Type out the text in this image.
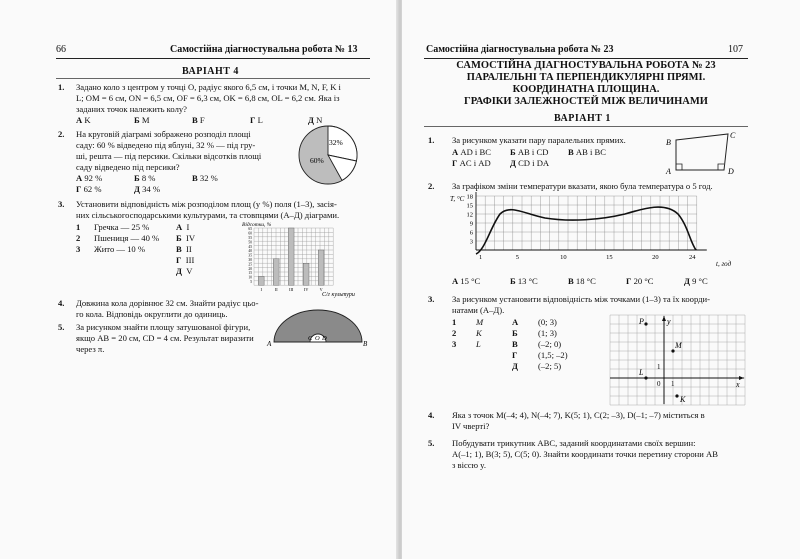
66	Самостійна діагностувальна робота № 13
ВАРІАНТ 4
1. Задано коло з центром у точці O, радіус якого 6,5 см, і точки M, N, F, K і
L; OM = 6 см, ON = 6,5 см, OF = 6,3 см, OK = 6,8 см, OL = 6,2 см. Яка із
заданих точок належить колу?
А K	Б M	В F	Г L	Д N
2. На круговій діаграмі зображено розподіл площі
саду: 60 % відведено під яблуні, 32 % — під гру-
ші, решта — під персики. Скільки відсотків площі
саду відведено під персики?
А 92 %	Б 8 %	В 32 %
Г 62 %	Д 34 %
32%
60%
3. Установити відповідність між розподілом площ (у %) поля (1–3), засія-
них сільськогосподарськими культурами, та стовпцями (А–Д) діаграми.
1 Гречка — 25 %
2 Пшениця — 40 %
3 Жито — 10 %
А I
Б IV
В II
Г III
Д V
Відсотки, %
С/г культури
65
60
55
50
45
40
35
30
25
20
15
10
5
I	II	III	IV	V
4. Довжина кола дорівнює 32 см. Знайти радіус цьо-
го кола. Відповідь округлити до одиниць.
5. За рисунком знайти площу затушованої фігури,
якщо AB = 20 см, CD = 4 см. Результат виразити
через π.	A
C O D
B
Самостійна діагностувальна робота № 23	107
САМОСТІЙНА ДІАГНОСТУВАЛЬНА РОБОТА № 23
ПАРАЛЕЛЬНІ ТА ПЕРПЕНДИКУЛЯРНІ ПРЯМІ.
КООРДИНАТНА ПЛОЩИНА.
ГРАФІКИ ЗАЛЕЖНОСТЕЙ МІЖ ВЕЛИЧИНАМИ
ВАРІАНТ 1
1. За рисунком указати пару паралельних прямих.
А AD і BC Б AB і CD В AB і BC
Г AC і AD Д CD і DA
B
C
A	D
2. За графіком зміни температури вказати, якою була температура о 5 год.
T, °C
t, год
18
15
12
9
6
3
1	5	10	15	20	24
А 15 °C	Б 13 °C	В 18 °C	Г 20 °C	Д 9 °C
3. За рисунком установити відповідність між точками (1–3) та їх коорди-
натами (А–Д).
1 M	А (0; 3)
2 K	Б (1; 3)
3 L	В (–2; 0)
Г (1,5; –2)
Д (–2; 5)
P	y
M
1
L
0 1	x
K
4. Яка з точок M(–4; 4), N(–4; 7), K(5; 1), C(2; –3), D(–1; –7) міститься в
IV чверті?
5. Побудувати трикутник ABC, заданий координатами своїх вершин:
A(–1; 1), B(3; 5), C(5; 0). Знайти координати точки перетину сторони AB
з віссю y.
